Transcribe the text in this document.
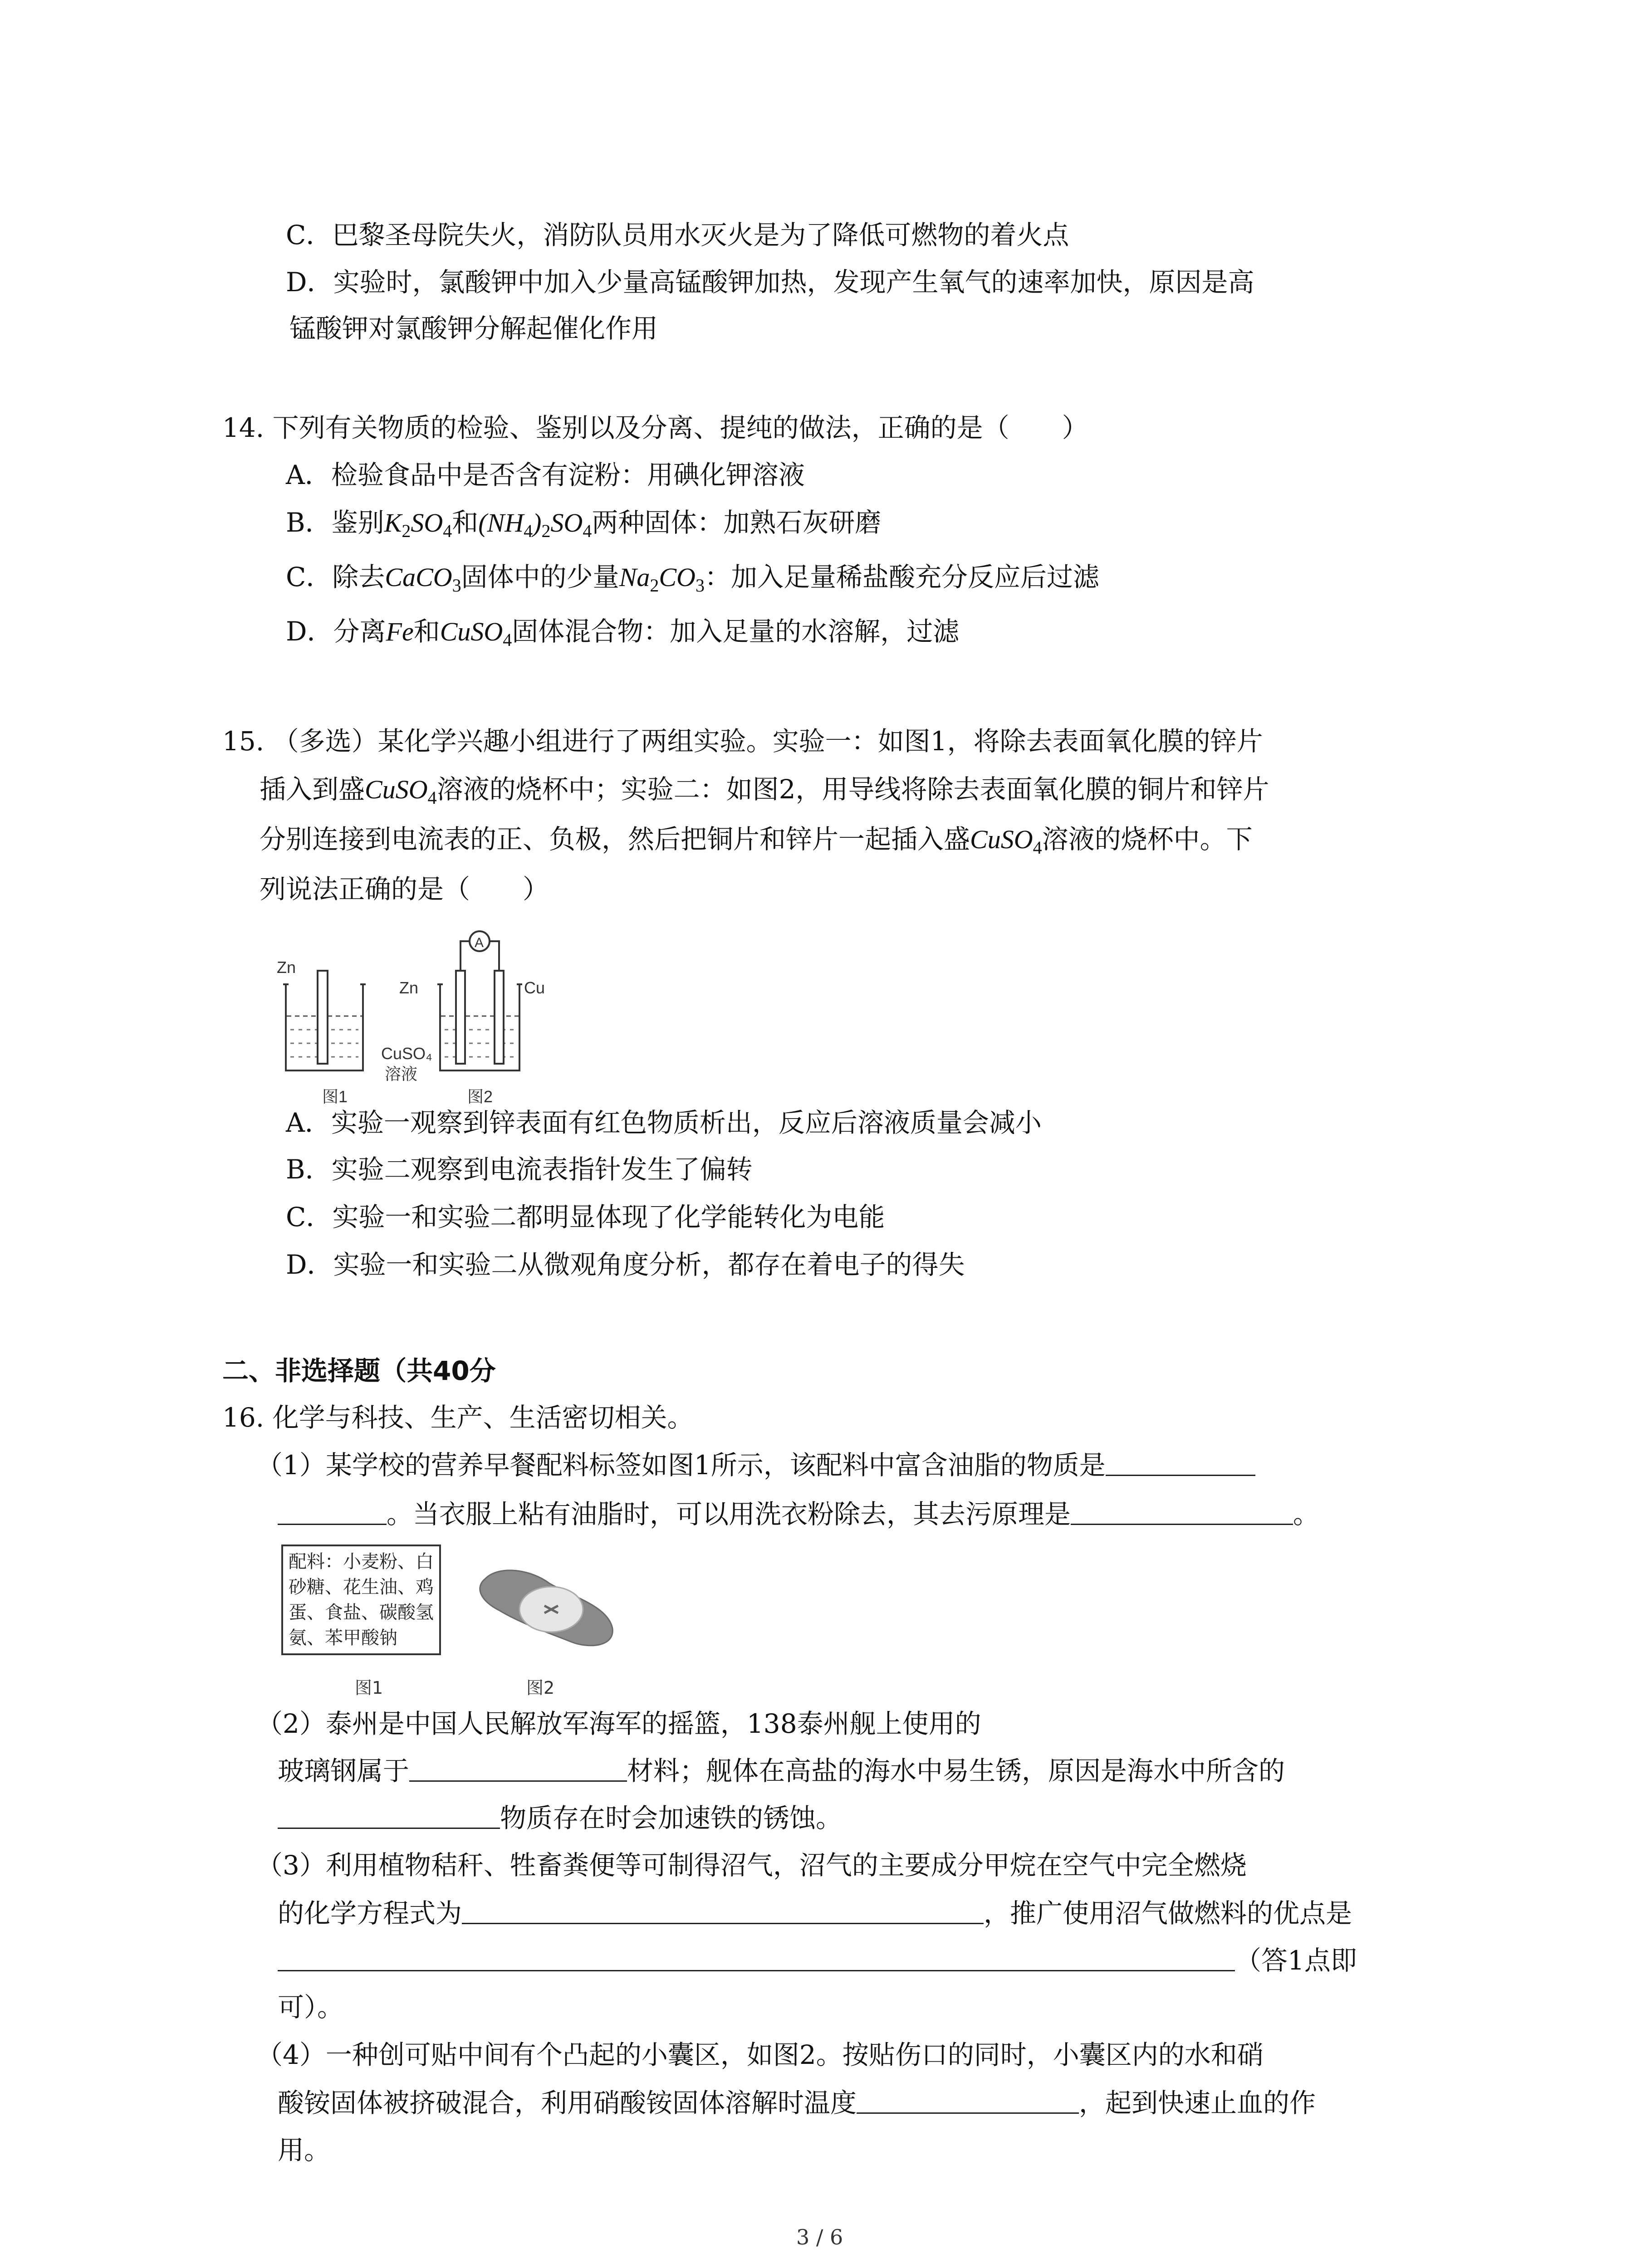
C．巴黎圣母院失火，消防队员用水灭火是为了降低可燃物的着火点
D．实验时，氯酸钾中加入少量高锰酸钾加热，发现产生氧气的速率加快，原因是高
锰酸钾对氯酸钾分解起催化作用
14. 下列有关物质的检验、鉴别以及分离、提纯的做法，正确的是（　　）
A．检验食品中是否含有淀粉：用碘化钾溶液
B．鉴别$K_2SO_4$和$(NH_4)_2SO_4$两种固体：加熟石灰研磨
C．除去CaCO$_3$固体中的少量$Na_2CO_3$：加入足量稀盐酸充分反应后过滤
D．分离Fe和CuSO$_4$固体混合物：加入足量的水溶解，过滤
15. （多选）某化学兴趣小组进行了两组实验。实验一：如图1，将除去表面氧化膜的锌片
插入到盛CuSO$_4$溶液的烧杯中；实验二：如图2，用导线将除去表面氧化膜的铜片和锌片
分别连接到电流表的正、负极，然后把铜片和锌片一起插入盛CuSO$_4$溶液的烧杯中。下
列说法正确的是（　　）
Zn
A
Zn	Cu
CuSO₄
溶液
图1	图2
A．实验一观察到锌表面有红色物质析出，反应后溶液质量会减小
B．实验二观察到电流表指针发生了偏转
C．实验一和实验二都明显体现了化学能转化为电能
D．实验一和实验二从微观角度分析，都存在着电子的得失
二、非选择题（共40分
16. 化学与科技、生产、生活密切相关。
（1）某学校的营养早餐配料标签如图1所示，该配料中富含油脂的物质是
。当衣服上粘有油脂时，可以用洗衣粉除去，其去污原理是	。
配料：小麦粉、白
砂糖、花生油、鸡
蛋、食盐、碳酸氢
氨、苯甲酸钠
图1	图2
（2）泰州是中国人民解放军海军的摇篮，138泰州舰上使用的
玻璃钢属于	材料；舰体在高盐的海水中易生锈，原因是海水中所含的
物质存在时会加速铁的锈蚀。
（3）利用植物秸秆、牲畜粪便等可制得沼气，沼气的主要成分甲烷在空气中完全燃烧
的化学方程式为	，推广使用沼气做燃料的优点是
（答1点即
可）。
（4）一种创可贴中间有个凸起的小囊区，如图2。按贴伤口的同时，小囊区内的水和硝
酸铵固体被挤破混合，利用硝酸铵固体溶解时温度	，起到快速止血的作
用。
3 / 6
